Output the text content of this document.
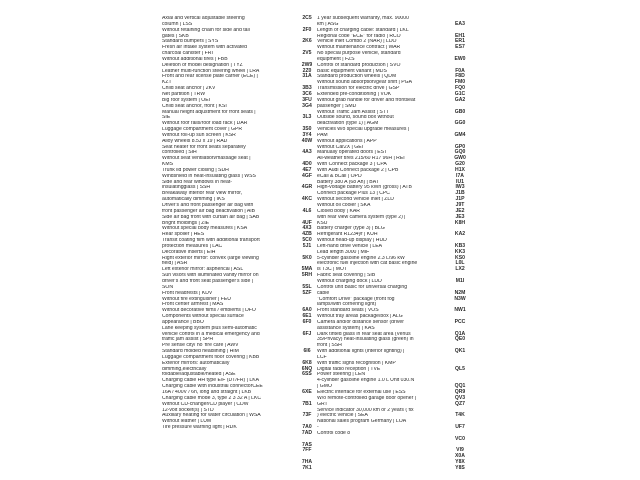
Axial and vertical adjustable steering
column | LSS
Without retaining chain for side and tail
gates | SKB
Standard bumpers | SYS
Fresh air intake system with activated
charcoal canister | FRI
Without additional tires | FBB
Deletion of model designation | TYZ
Leather multi-function steering wheel | LRA
Front and rear license plate carrier (ECE) |
KZT
Child seat anchor | 2KV
Net partition | TRW
Big roof system | OEI
Child seat anchor, front | KSI
Manual height adjustment for front seats |
SIE
Without roof rails/roof load rack | DAR
Luggage compartment cover | GPR
Without roll-up sun screen | KSR
Alloy wheels 8.5J x 19 | RAD
Seat heater for front seats separately
controlled | SIH
Without seat ventilation/massage seat |
KMS
Trunk lid power closing | SDH
Windshield in heat-insulating glass | WSS
Side and rear windows in heat-
insulatingglass | SSH
Breakaway interior rear view mirror,
automatically dimming | IKS
Driver's and front passenger air bag with
front passenger air bag deactivation | AIB
Side air bag front with curtain air bag | SAB
Bright moldings | ZIE
Without special body measures | KSA
Rear spoiler | HES
Transit coating film with additional transport
protection measures | LAC
Decorative inserts | EIH
Right exterior mirror: convex (large viewing
field) | ASR
Left exterior mirror: aspherical | ASL
Sun visors with illuminated vanity mirror on
driver's and front seat passenger's side |
SON
Front headrests | KDV
Without fire extinguisher | FEU
Front center armrest | MAS
Without decorative films / emblems | DFO
Components without special surface
appearance | BBO
Lane keeping system plus semi-automatic
vehicle control in a medical emergency and
traffic jam assist | SPH
Pre sense city/ no 'fire care | AWV
Standard molded headlining | HIM
Luggage compartment floor covering | KBB
Exterior mirrors: automatically
dimming,electrically
foldable/adjustable/heated | ASE
Charging cable HH type E/F (DT/FR) | LKA
Charging cable with industrial connectorCEE
16A / 400V / 6h, long and straight | LKB
Charging cable mode 3, type 2 3 32 A | LKC
Without CD-changer/CD player | CDW
12-volt socket(s) | STD
Auxiliary heating for water circulation | WSA
Without leather | LUM
Tire pressure warning light | RDK
2C5
2F0
2K6
2V5
2W9
2Z0
31A
3B3
3C6
3FU
3G4
3L3
3S0
3Y4
40W
4A3
4D0
4E7
4GF
4GR
4KC
4L6
4UF
4X3
4ZB
5C0
5J1
5K0
5MA
5RH
5SL
5ZF
6A0
6E1
6F0
6FJ
6I6
6K8
6NQ
6SS
6XE
7B1
73F
7A0
7AD
7AS
7FF
7HA
7K1
1 year subsequent warranty, max. 90000
km | ASG
Length of charging cable: standard | LKL
Regional code "ECE" for radio | RCO
Vehicle inlet Combo 2 (NAR) | LDO
Without maintenance contract | WAR
No special purpose vehicle, standard
equipment | FZS
Control of standard production | SVO
Basic equipment variant | MDS
Standard production wheels | QDM
Without sound absorption/gear shift | PGA
Transmission for electric drive | GSP
Extended pre-conditioning | VOK
Without grab handle for driver and frontseat
passenger | SMD
Without Traffic Jam Assist | STT
Outside sound, sound box without
deactivation (type 1) | AGM
Vehicles w/o special upgrade measures |
PAM
Without applications | APP
Without Car2X | GEI
Manually operated doors | EST
All-weather tires 215/60 R17 96H | REI
With Connect package 3 | CPA
With Audi Connect package 2 | CPB
eCall & bCall | OPD
Battery 380 A (68 Ah) | BAT
High-voltage battery 95 kWh (gross) | ATB
Connect package Plus 13 | CPC
Without second vehicle inlet | ZLD
Without oil cooler | SKA
Closed body | KAR
with rear view camera system (type 2) |
KSU
Battery charger (type 3) | BLG
Refrigerant R1234yf | KUH
Without head-up display | HUD
Left-hand drive vehicle | LEA
Lead length 3000 | MIF
5-cylinder gasoline engine 2.3 L/96 kW
electronic fuel injection with cat basic engine
is T3C | MOT
Fabric seat covering | SIB
Without charging dock | LDD
Control unit Basic for universal charging
cable
"Comfort Drive" package (front fog
lamps/with cornering light)
Front standard seats | VOS
Without tray areas package/box | ALG
Camera and/or distance sensor (driver
assistance system) | KAS
Dark tinted glass in rear seat area (Venus
35/Privacy) heat-insulating glass (green) in
front | SSH
With additional lights (interior lighting) |
LCF
With traffic signs recognition | KMP
Digital radio reception | TVE
Power steering | LEN
4-cylinder gasoline engine 1.0 L Unit 030.N
| GMO
Electric interface for external use | ESS
W/o remote-controlled garage door opener |
GRT
Service indicator 30,000 km or 2 years ( fix
) electric vehicle | SEA
National sales program Germany | LOA
-
Control code 8
EA3
EH1
ER1
ES7
EW0
F0A
F8D
FM0
FQ0
G1C
GA2
GB0
GG0
GM4
GP0
GQ0
GW0
G20
H1X
I7A
IU1
IW3
J1B
J1P
J9T
JE2
JE3
K8H
KA2
KB3
KK3
KS0
L0L
LX2
M1I
N2M
N3W
NW1
PCC
Q1A
QE0
QK1
QL5
QQ1
QR9
QV3
QZ7
T4K
UF7
VC0
VI9
X0A
Y8X
Y8S
